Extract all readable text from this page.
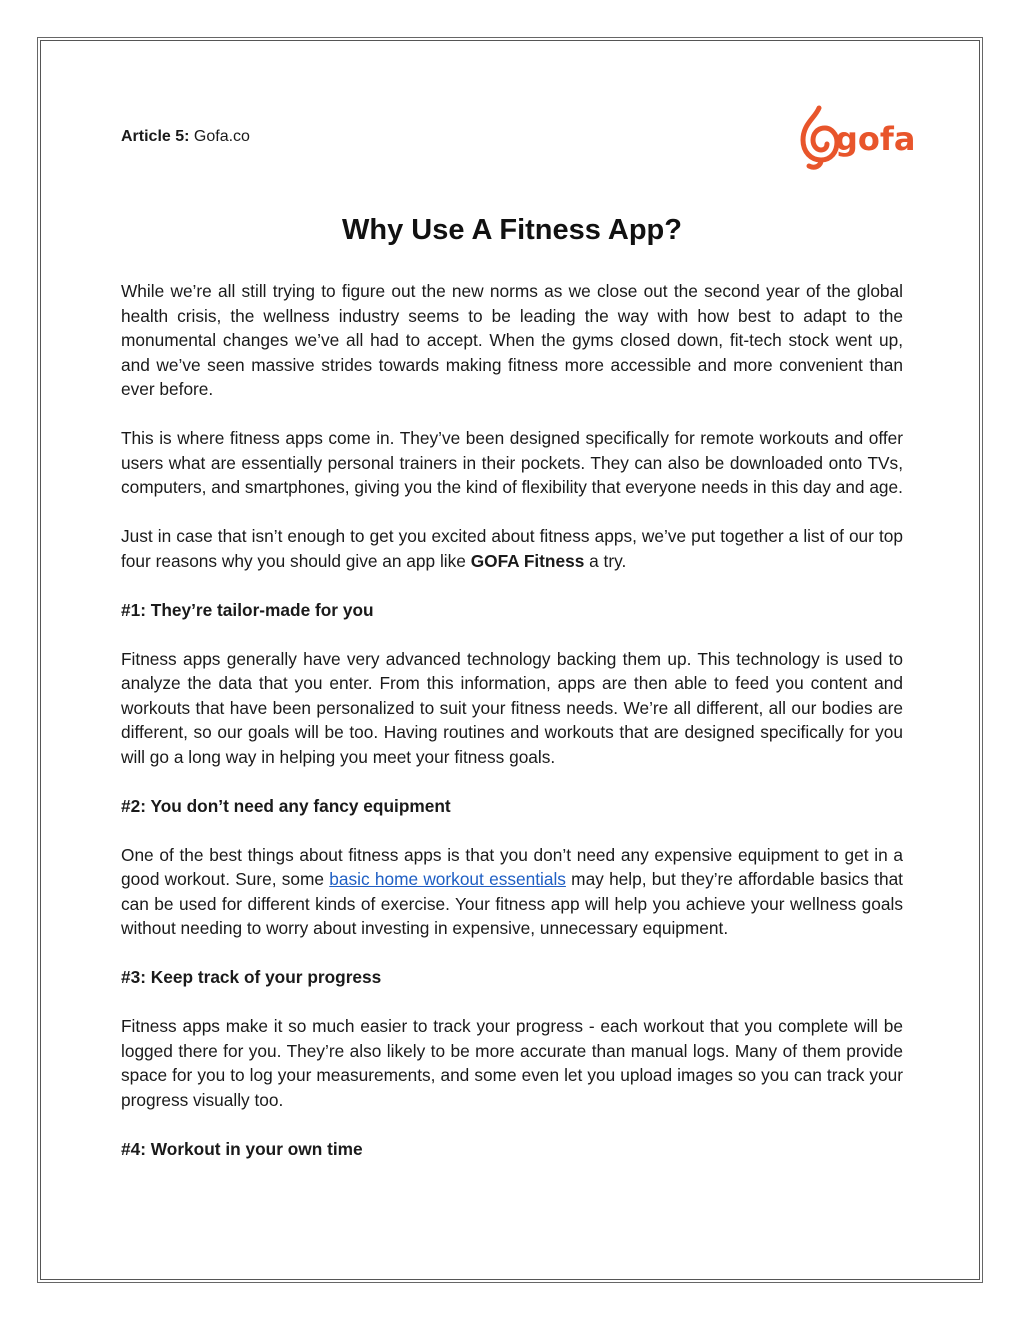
Article 5: Gofa.co	gofa
Why Use A Fitness App?

While we’re all still trying to figure out the new norms as we close out the second year of the global health crisis, the wellness industry seems to be leading the way with how best to adapt to the monumental changes we’ve all had to accept. When the gyms closed down, fit-tech stock went up, and we’ve seen massive strides towards making fitness more accessible and more convenient than ever before.

This is where fitness apps come in. They’ve been designed specifically for remote workouts and offer users what are essentially personal trainers in their pockets. They can also be downloaded onto TVs, computers, and smartphones, giving you the kind of flexibility that everyone needs in this day and age.

Just in case that isn’t enough to get you excited about fitness apps, we’ve put together a list of our top four reasons why you should give an app like GOFA Fitness a try.

#1: They’re tailor-made for you

Fitness apps generally have very advanced technology backing them up. This technology is used to analyze the data that you enter. From this information, apps are then able to feed you content and workouts that have been personalized to suit your fitness needs. We’re all different, all our bodies are different, so our goals will be too. Having routines and workouts that are designed specifically for you will go a long way in helping you meet your fitness goals.

#2: You don’t need any fancy equipment

One of the best things about fitness apps is that you don’t need any expensive equipment to get in a good workout. Sure, some basic home workout essentials may help, but they’re affordable basics that can be used for different kinds of exercise. Your fitness app will help you achieve your wellness goals without needing to worry about investing in expensive, unnecessary equipment.

#3: Keep track of your progress

Fitness apps make it so much easier to track your progress - each workout that you complete will be logged there for you. They’re also likely to be more accurate than manual logs. Many of them provide space for you to log your measurements, and some even let you upload images so you can track your progress visually too.

#4: Workout in your own time
